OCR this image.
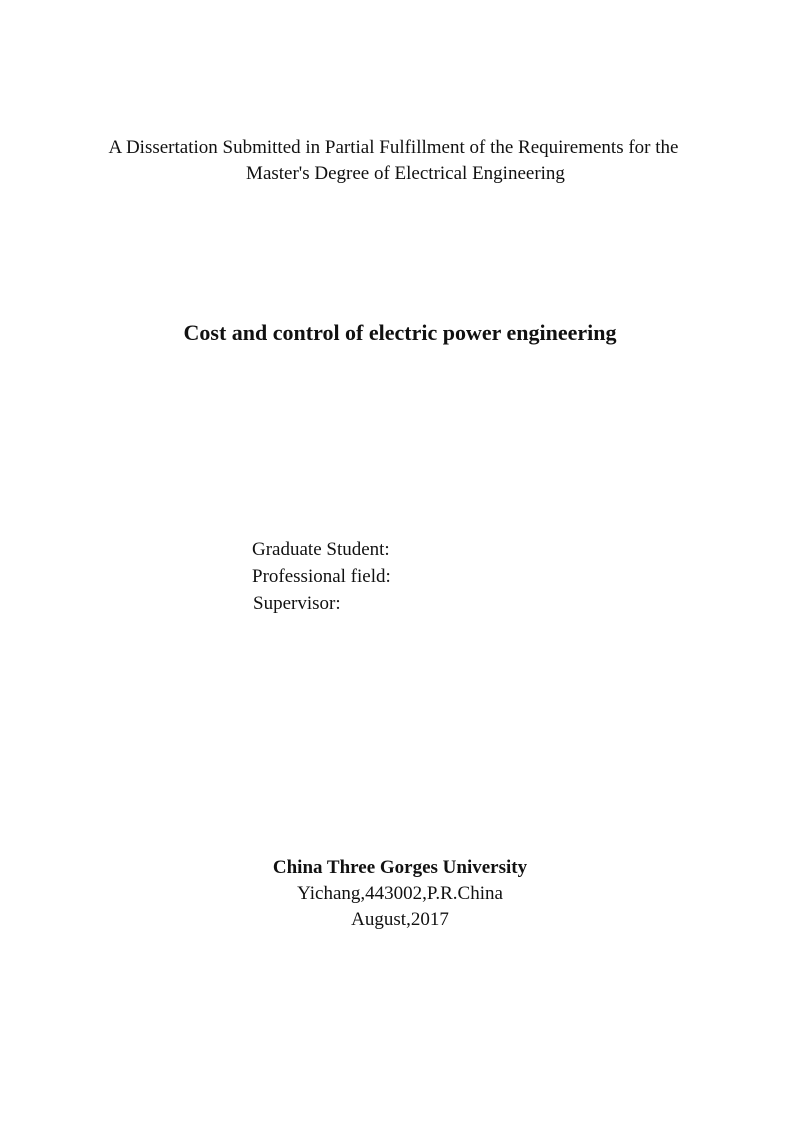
A Dissertation Submitted in Partial Fulfillment of the Requirements for the
Master's Degree of Electrical Engineering
Cost and control of electric power engineering
Graduate Student:
Professional field:
Supervisor:
China Three Gorges University
Yichang,443002,P.R.China
August,2017
